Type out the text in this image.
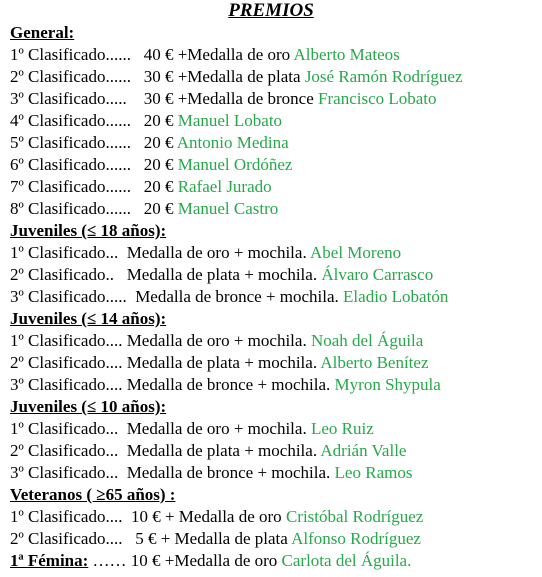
PREMIOS
General:
1º Clasificado......   40 € +Medalla de oro Alberto Mateos
2º Clasificado......   30 € +Medalla de plata José Ramón Rodríguez
3º Clasificado.....    30 € +Medalla de bronce Francisco Lobato
4º Clasificado......   20 € Manuel Lobato
5º Clasificado......   20 € Antonio Medina
6º Clasificado......   20 € Manuel Ordóñez
7º Clasificado......   20 € Rafael Jurado
8º Clasificado......   20 € Manuel Castro
Juveniles (≤ 18 años):
1º Clasificado...  Medalla de oro + mochila. Abel Moreno
2º Clasificado..   Medalla de plata + mochila. Álvaro Carrasco
3º Clasificado.....  Medalla de bronce + mochila. Eladio Lobatón
Juveniles (≤ 14 años):
1º Clasificado.... Medalla de oro + mochila. Noah del Águila
2º Clasificado.... Medalla de plata + mochila. Alberto Benítez
3º Clasificado.... Medalla de bronce + mochila. Myron Shypula
Juveniles (≤ 10 años):
1º Clasificado...  Medalla de oro + mochila. Leo Ruiz
2º Clasificado...  Medalla de plata + mochila. Adrián Valle
3º Clasificado...  Medalla de bronce + mochila. Leo Ramos
Veteranos ( ≥65 años) :
1º Clasificado....  10 € + Medalla de oro Cristóbal Rodríguez
2º Clasificado....   5 € + Medalla de plata Alfonso Rodríguez
1ª Fémina: …… 10 € +Medalla de oro Carlota del Águila.
